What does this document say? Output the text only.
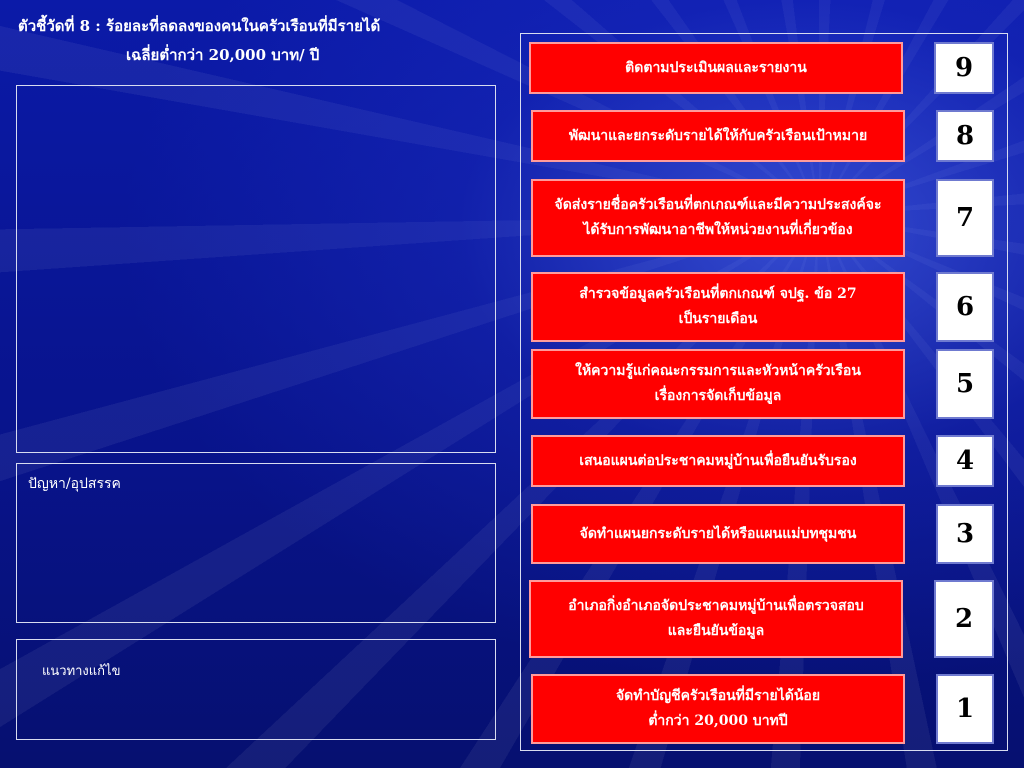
ตัวชี้วัดที่ 8 : ร้อยละที่ลดลงของคนในครัวเรือนที่มีรายได้
เฉลี่ยต่ำกว่า 20,000 บาท/ ปี
ปัญหา/อุปสรรค
แนวทางแก้ไข
ติดตามประเมินผลและรายงาน	9
พัฒนาและยกระดับรายได้ให้กับครัวเรือนเป้าหมาย	8
จัดส่งรายชื่อครัวเรือนที่ตกเกณฑ์และมีความประสงค์จะ
ได้รับการพัฒนาอาชีพให้หน่วยงานที่เกี่ยวข้อง	7
สำรวจข้อมูลครัวเรือนที่ตกเกณฑ์ จปฐ. ข้อ 27
เป็นรายเดือน	6
ให้ความรู้แก่คณะกรรมการและหัวหน้าครัวเรือน
เรื่องการจัดเก็บข้อมูล	5
เสนอแผนต่อประชาคมหมู่บ้านเพื่อยืนยันรับรอง	4
จัดทำแผนยกระดับรายได้หรือแผนแม่บทชุมชน	3
อำเภอกิ่งอำเภอจัดประชาคมหมู่บ้านเพื่อตรวจสอบ
และยืนยันข้อมูล	2
จัดทำบัญชีครัวเรือนที่มีรายได้น้อย
ต่ำกว่า 20,000 บาทปี	1
